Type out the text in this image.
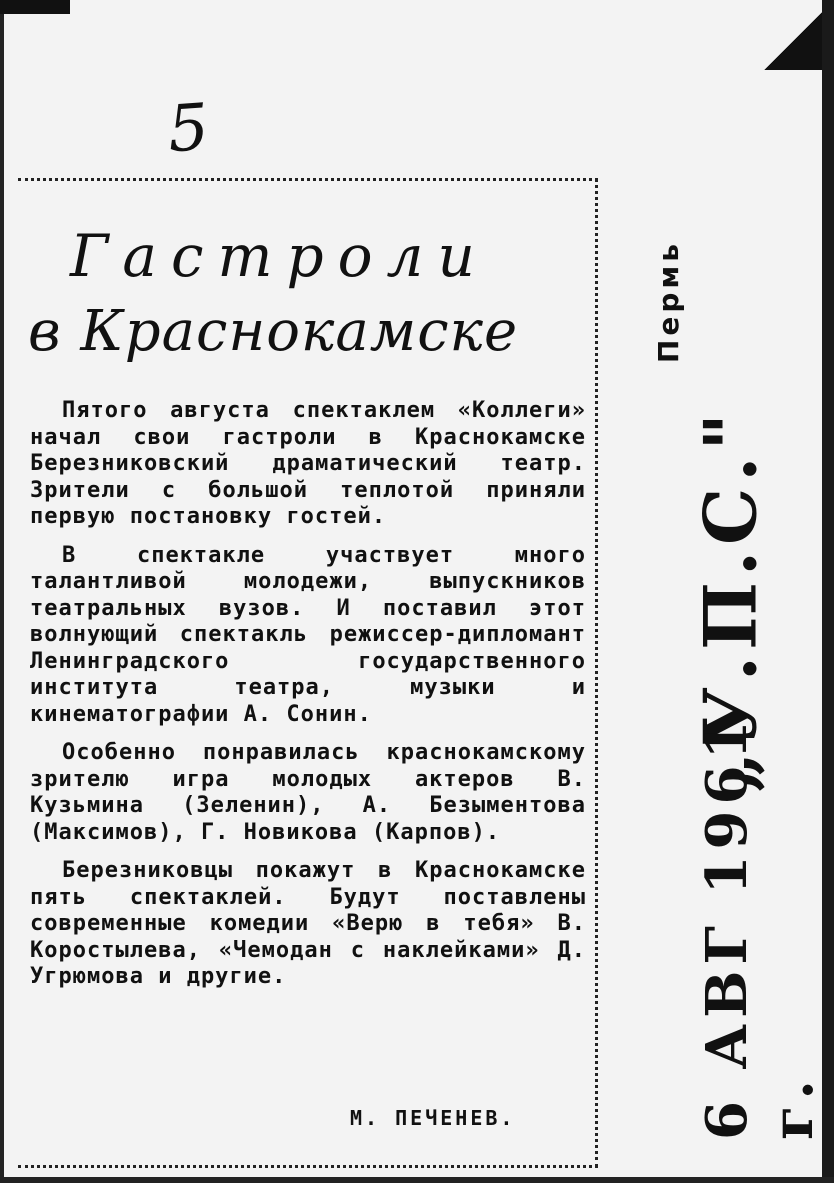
5
Гастроли
в Краснокамске

Пятого августа спектаклем «Коллеги» начал свои гастроли в Краснокамске Березниковский драматический театр. Зрители с большой теплотой приняли первую постановку гостей.

В спектакле участвует много талантливой молодежи, выпускников театральных вузов. И поставил этот волнующий спектакль режиссер-дипломант Ленинградского государственного института театра, музыки и кинематографии А. Сонин.

Особенно понравилась краснокамскому зрителю игра молодых актеров В. Кузьмина (Зеленин), А. Безыментова (Максимов), Г. Новикова (Карпов).

Березниковцы покажут в Краснокамске пять спектаклей. Будут поставлены современные комедии «Верю в тебя» В. Коростылева, «Чемодан с наклейками» Д. Угрюмова и другие.

М. ПЕЧЕНЕВ.
„У.П.С."
Пермь
6 АВГ 1961 г.
